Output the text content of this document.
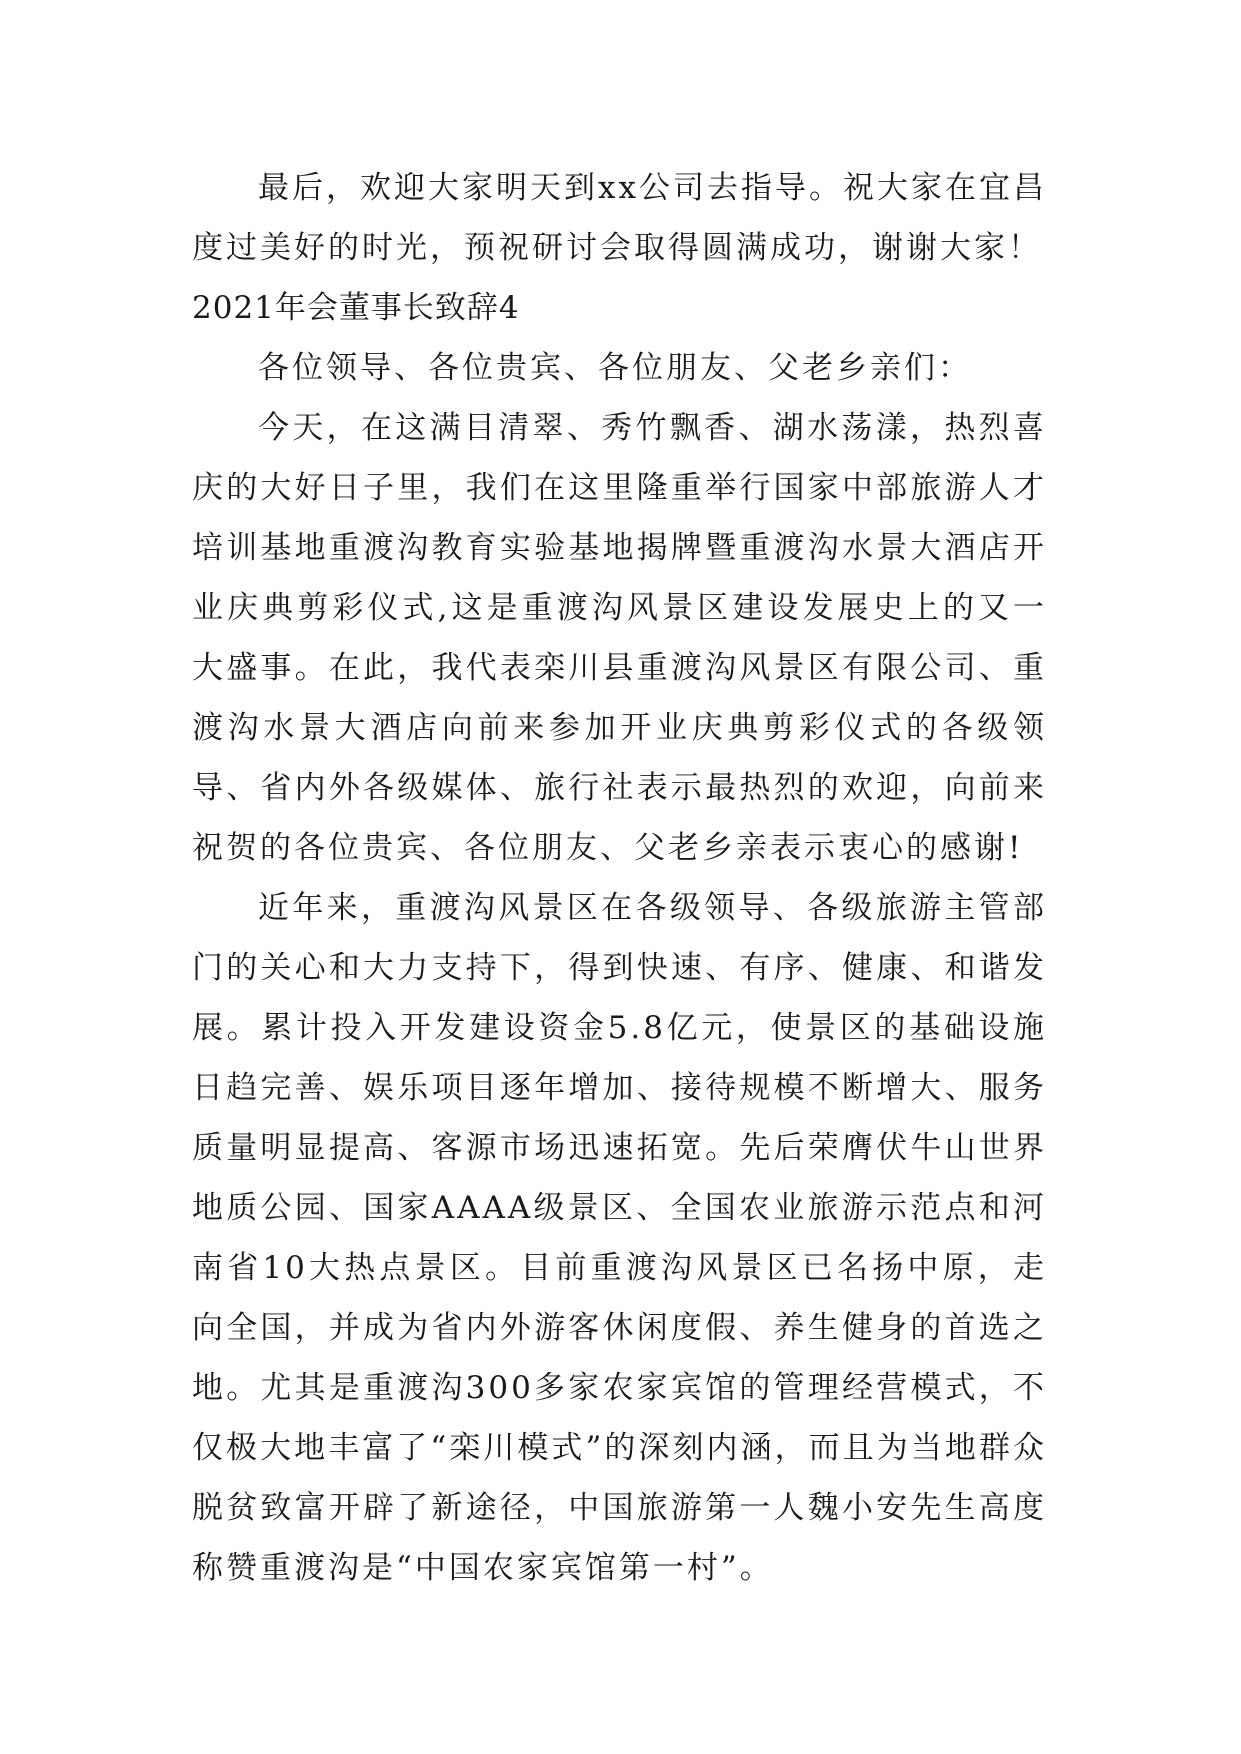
最后，欢迎大家明天到xx公司去指导。祝大家在宜昌度过美好的时光，预祝研讨会取得圆满成功，谢谢大家！

2021年会董事长致辞4

各位领导、各位贵宾、各位朋友、父老乡亲们：

今天，在这满目清翠、秀竹飘香、湖水荡漾，热烈喜庆的大好日子里，我们在这里隆重举行国家中部旅游人才培训基地重渡沟教育实验基地揭牌暨重渡沟水景大酒店开业庆典剪彩仪式,这是重渡沟风景区建设发展史上的又一大盛事。在此，我代表栾川县重渡沟风景区有限公司、重渡沟水景大酒店向前来参加开业庆典剪彩仪式的各级领导、省内外各级媒体、旅行社表示最热烈的欢迎，向前来祝贺的各位贵宾、各位朋友、父老乡亲表示衷心的感谢!

近年来，重渡沟风景区在各级领导、各级旅游主管部门的关心和大力支持下，得到快速、有序、健康、和谐发展。累计投入开发建设资金5.8亿元，使景区的基础设施日趋完善、娱乐项目逐年增加、接待规模不断增大、服务质量明显提高、客源市场迅速拓宽。先后荣膺伏牛山世界地质公园、国家AAAA级景区、全国农业旅游示范点和河南省10大热点景区。目前重渡沟风景区已名扬中原，走向全国，并成为省内外游客休闲度假、养生健身的首选之地。尤其是重渡沟300多家农家宾馆的管理经营模式，不仅极大地丰富了“栾川模式”的深刻内涵，而且为当地群众脱贫致富开辟了新途径，中国旅游第一人魏小安先生高度称赞重渡沟是“中国农家宾馆第一村”。
